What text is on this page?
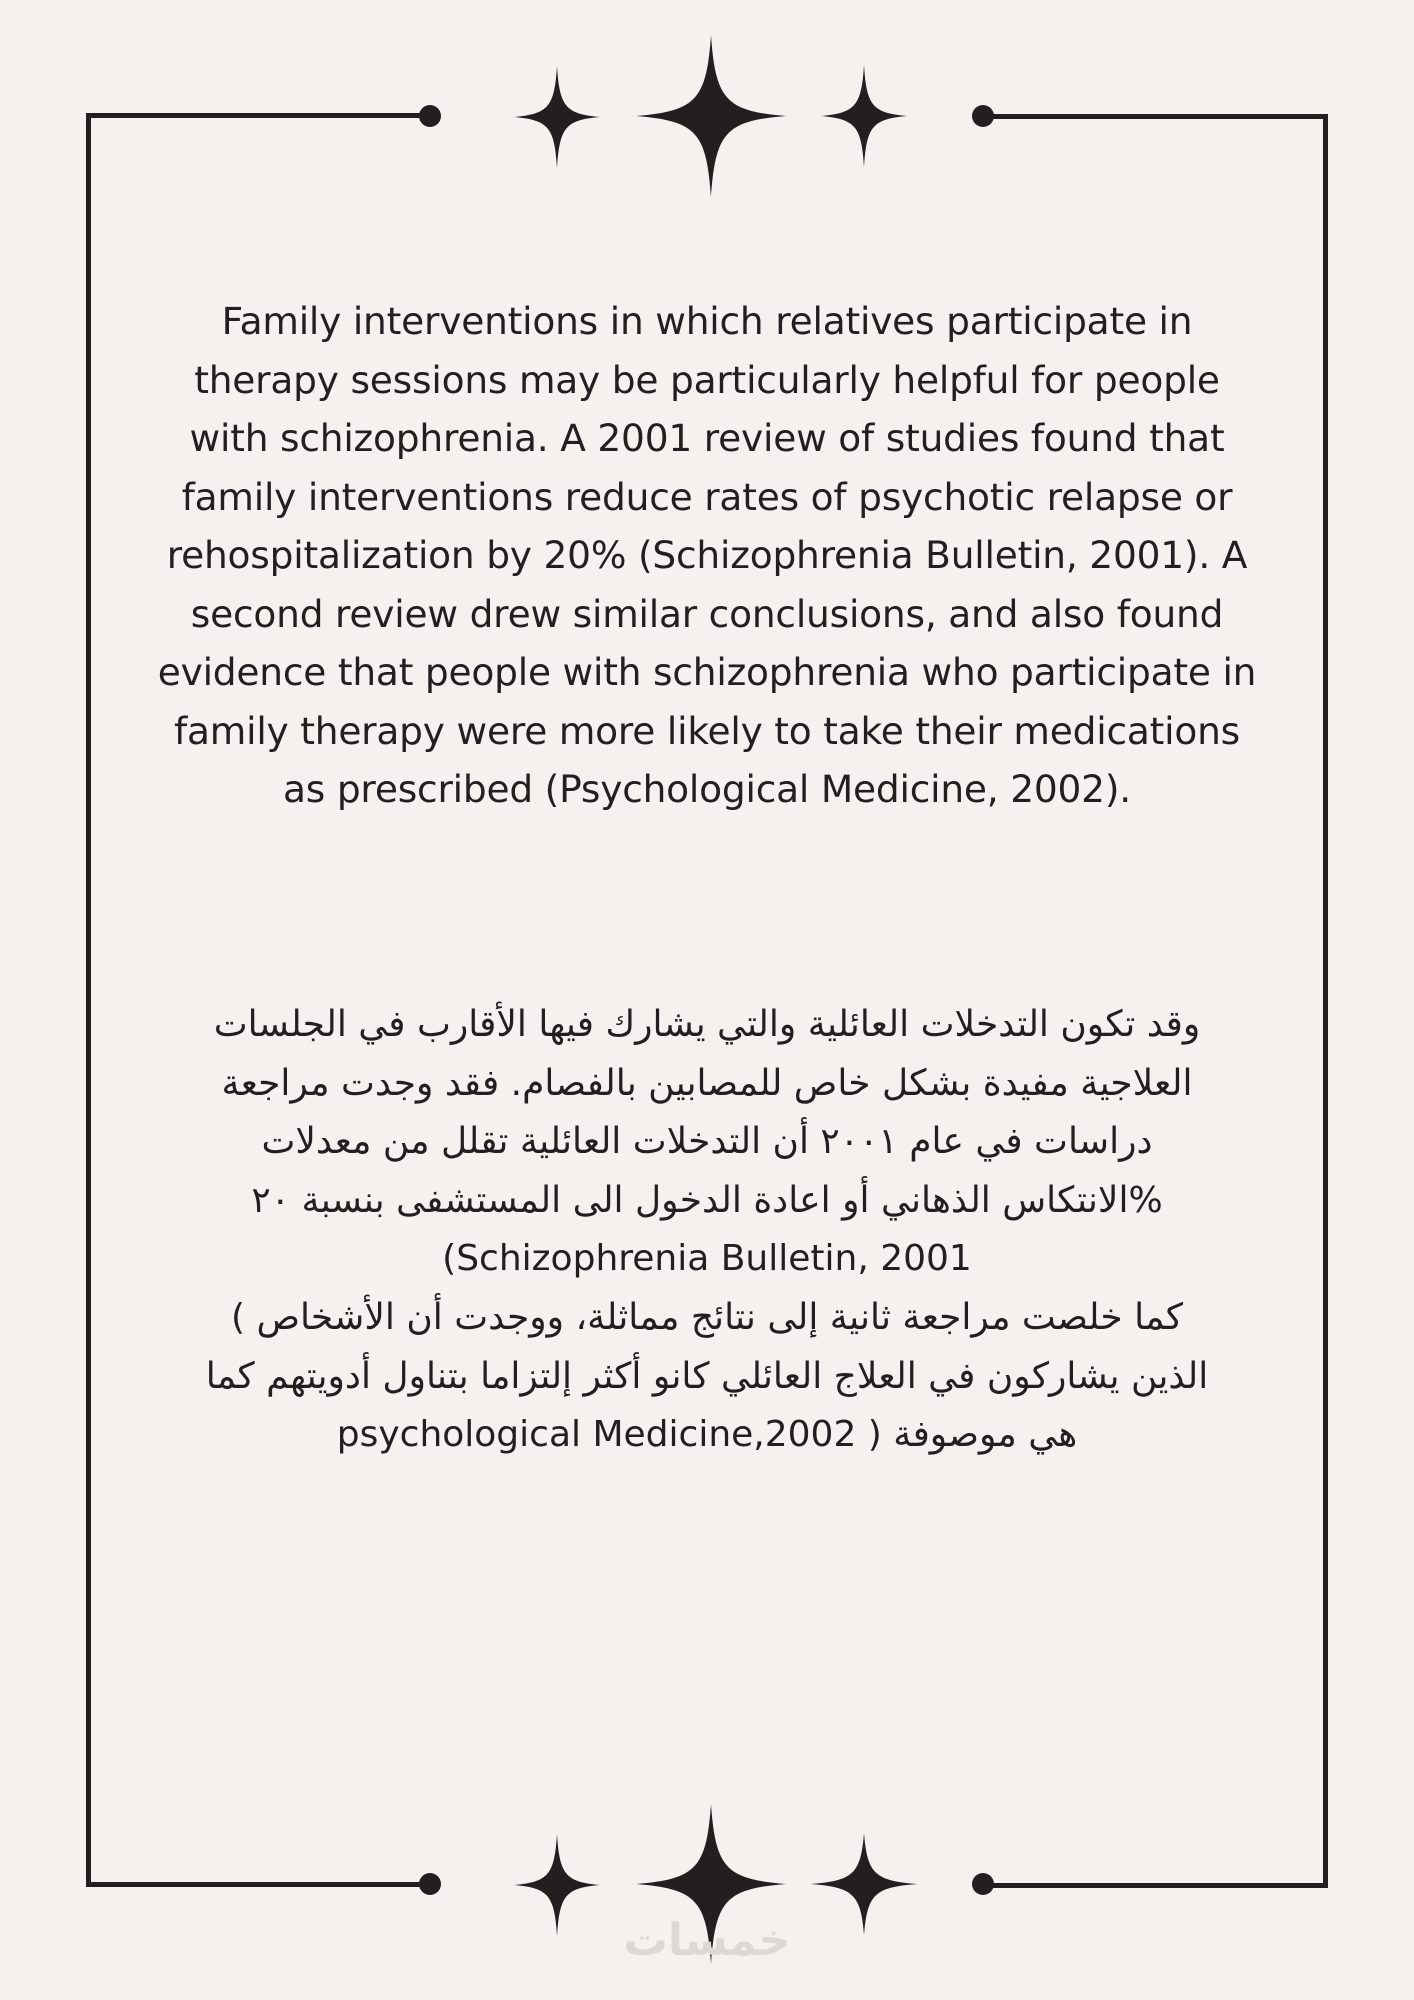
Family interventions in which relatives participate in
therapy sessions may be particularly helpful for people
with schizophrenia. A 2001 review of studies found that
family interventions reduce rates of psychotic relapse or
rehospitalization by 20% (Schizophrenia Bulletin, 2001). A
second review drew similar conclusions, and also found
evidence that people with schizophrenia who participate in
family therapy were more likely to take their medications
as prescribed (Psychological Medicine, 2002).
وقد تكون التدخلات العائلية والتي يشارك فيها الأقارب في الجلسات
العلاجية مفيدة بشكل خاص للمصابين بالفصام. فقد وجدت مراجعة
دراسات في عام ٢٠٠١ أن التدخلات العائلية تقلل من معدلات
%الانتكاس الذهاني أو اعادة الدخول الى المستشفى بنسبة ٢٠
(Schizophrenia Bulletin, 2001
كما خلصت مراجعة ثانية إلى نتائج مماثلة، ووجدت أن الأشخاص )
الذين يشاركون في العلاج العائلي كانو أكثر إلتزاما بتناول أدويتهم كما
هي موصوفة ( psychological Medicine,2002
خمسات
